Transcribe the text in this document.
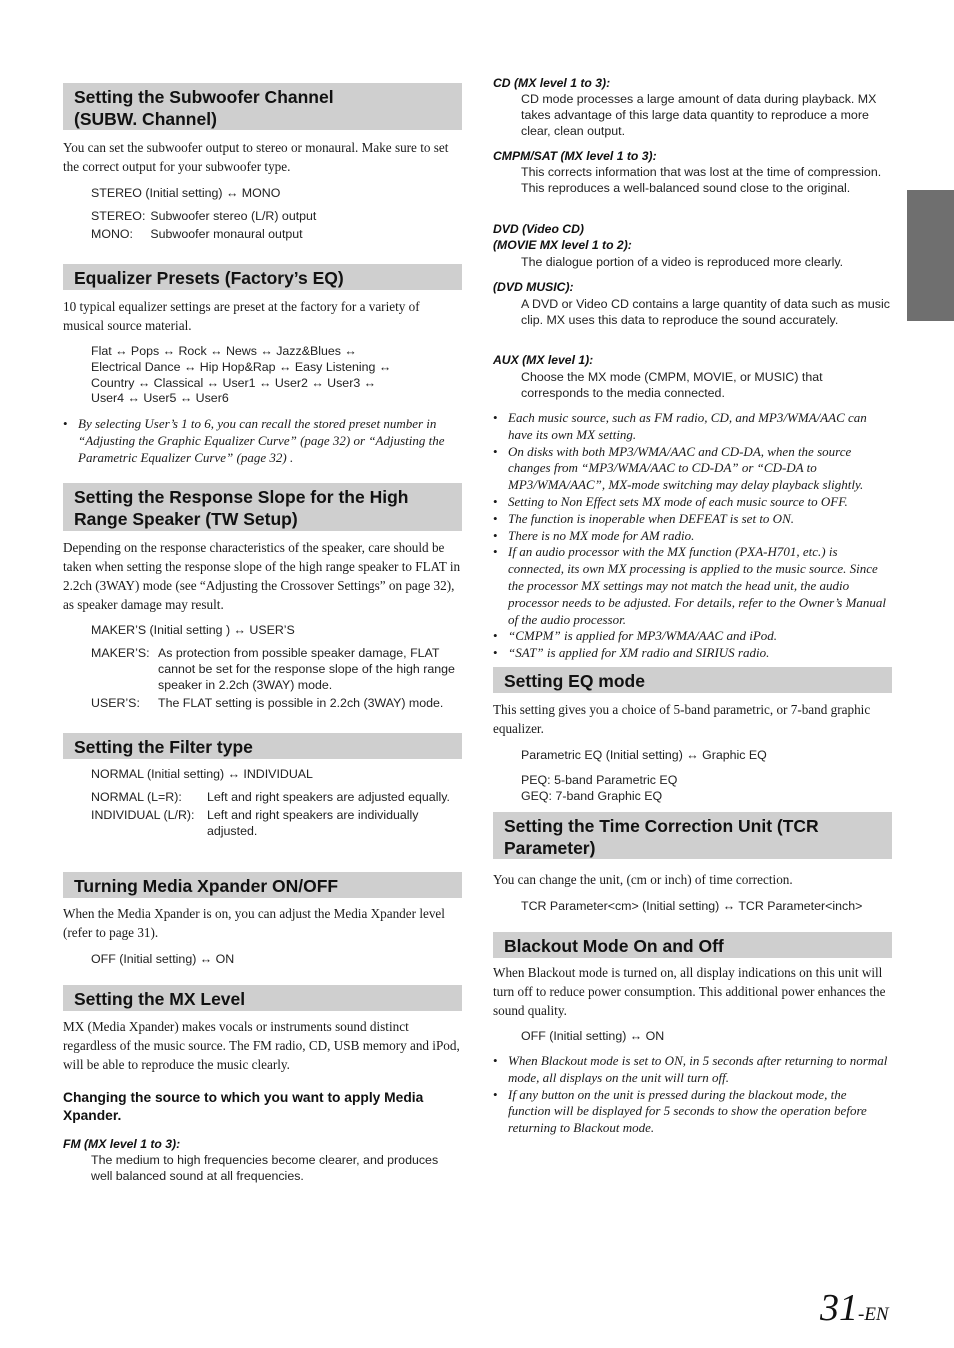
Setting the Subwoofer Channel
(SUBW. Channel)
You can set the subwoofer output to stereo or monaural. Make sure to set the correct output for your subwoofer type.
STEREO (Initial setting) ↔ MONO
STEREO: Subwoofer stereo (L/R) output
MONO:	Subwoofer monaural output
Equalizer Presets (Factory’s EQ)
10 typical equalizer settings are preset at the factory for a variety of musical source material.
Flat ↔ Pops ↔ Rock ↔ News ↔ Jazz&Blues ↔
Electrical Dance ↔ Hip Hop&Rap ↔ Easy Listening ↔
Country ↔ Classical ↔ User1 ↔ User2 ↔ User3 ↔
User4 ↔ User5 ↔ User6
• By selecting User’s 1 to 6, you can recall the stored preset number in “Adjusting the Graphic Equalizer Curve” (page 32) or “Adjusting the Parametric Equalizer Curve” (page 32) .
Setting the Response Slope for the High
Range Speaker (TW Setup)
Depending on the response characteristics of the speaker, care should be taken when setting the response slope of the high range speaker to FLAT in 2.2ch (3WAY) mode (see “Adjusting the Crossover Settings” on page 32), as speaker damage may result.
MAKER’S (Initial setting ) ↔ USER’S
MAKER’S: As protection from possible speaker damage, FLAT cannot be set for the response slope of the high range speaker in 2.2ch (3WAY) mode.
USER’S:	The FLAT setting is possible in 2.2ch (3WAY) mode.
Setting the Filter type
NORMAL (Initial setting) ↔ INDIVIDUAL
NORMAL (L=R):	Left and right speakers are adjusted equally.
INDIVIDUAL (L/R):	Left and right speakers are individually adjusted.
Turning Media Xpander ON/OFF
When the Media Xpander is on, you can adjust the Media Xpander level (refer to page 31).
OFF (Initial setting) ↔ ON
Setting the MX Level
MX (Media Xpander) makes vocals or instruments sound distinct regardless of the music source. The FM radio, CD, USB memory and iPod, will be able to reproduce the music clearly.
Changing the source to which you want to apply Media Xpander.
FM (MX level 1 to 3):
The medium to high frequencies become clearer, and produces well balanced sound at all frequencies.
CD (MX level 1 to 3):
CD mode processes a large amount of data during playback. MX takes advantage of this large data quantity to reproduce a more clear, clean output.
CMPM/SAT (MX level 1 to 3):
This corrects information that was lost at the time of compression. This reproduces a well-balanced sound close to the original.
DVD (Video CD)
(MOVIE MX level 1 to 2):
The dialogue portion of a video is reproduced more clearly.
(DVD MUSIC):
A DVD or Video CD contains a large quantity of data such as music clip. MX uses this data to reproduce the sound accurately.
AUX (MX level 1):
Choose the MX mode (CMPM, MOVIE, or MUSIC) that corresponds to the media connected.
• Each music source, such as FM radio, CD, and MP3/WMA/AAC can have its own MX setting.
• On disks with both MP3/WMA/AAC and CD-DA, when the source changes from “MP3/WMA/AAC to CD-DA” or “CD-DA to MP3/WMA/AAC”, MX-mode switching may delay playback slightly.
• Setting to Non Effect sets MX mode of each music source to OFF.
• The function is inoperable when DEFEAT is set to ON.
• There is no MX mode for AM radio.
• If an audio processor with the MX function (PXA-H701, etc.) is connected, its own MX processing is applied to the music source. Since the processor MX settings may not match the head unit, the audio processor needs to be adjusted. For details, refer to the Owner’s Manual of the audio processor.
• “CMPM” is applied for MP3/WMA/AAC and iPod.
• “SAT” is applied for XM radio and SIRIUS radio.
Setting EQ mode
This setting gives you a choice of 5-band parametric, or 7-band graphic equalizer.
Parametric EQ (Initial setting) ↔ Graphic EQ
PEQ: 5-band Parametric EQ
GEQ: 7-band Graphic EQ
Setting the Time Correction Unit (TCR
Parameter)
You can change the unit, (cm or inch) of time correction.
TCR Parameter<cm> (Initial setting) ↔ TCR Parameter<inch>
Blackout Mode On and Off
When Blackout mode is turned on, all display indications on this unit will turn off to reduce power consumption. This additional power enhances the sound quality.
OFF (Initial setting) ↔ ON
• When Blackout mode is set to ON, in 5 seconds after returning to normal mode, all displays on the unit will turn off.
• If any button on the unit is pressed during the blackout mode, the function will be displayed for 5 seconds to show the operation before returning to Blackout mode.
31-EN
